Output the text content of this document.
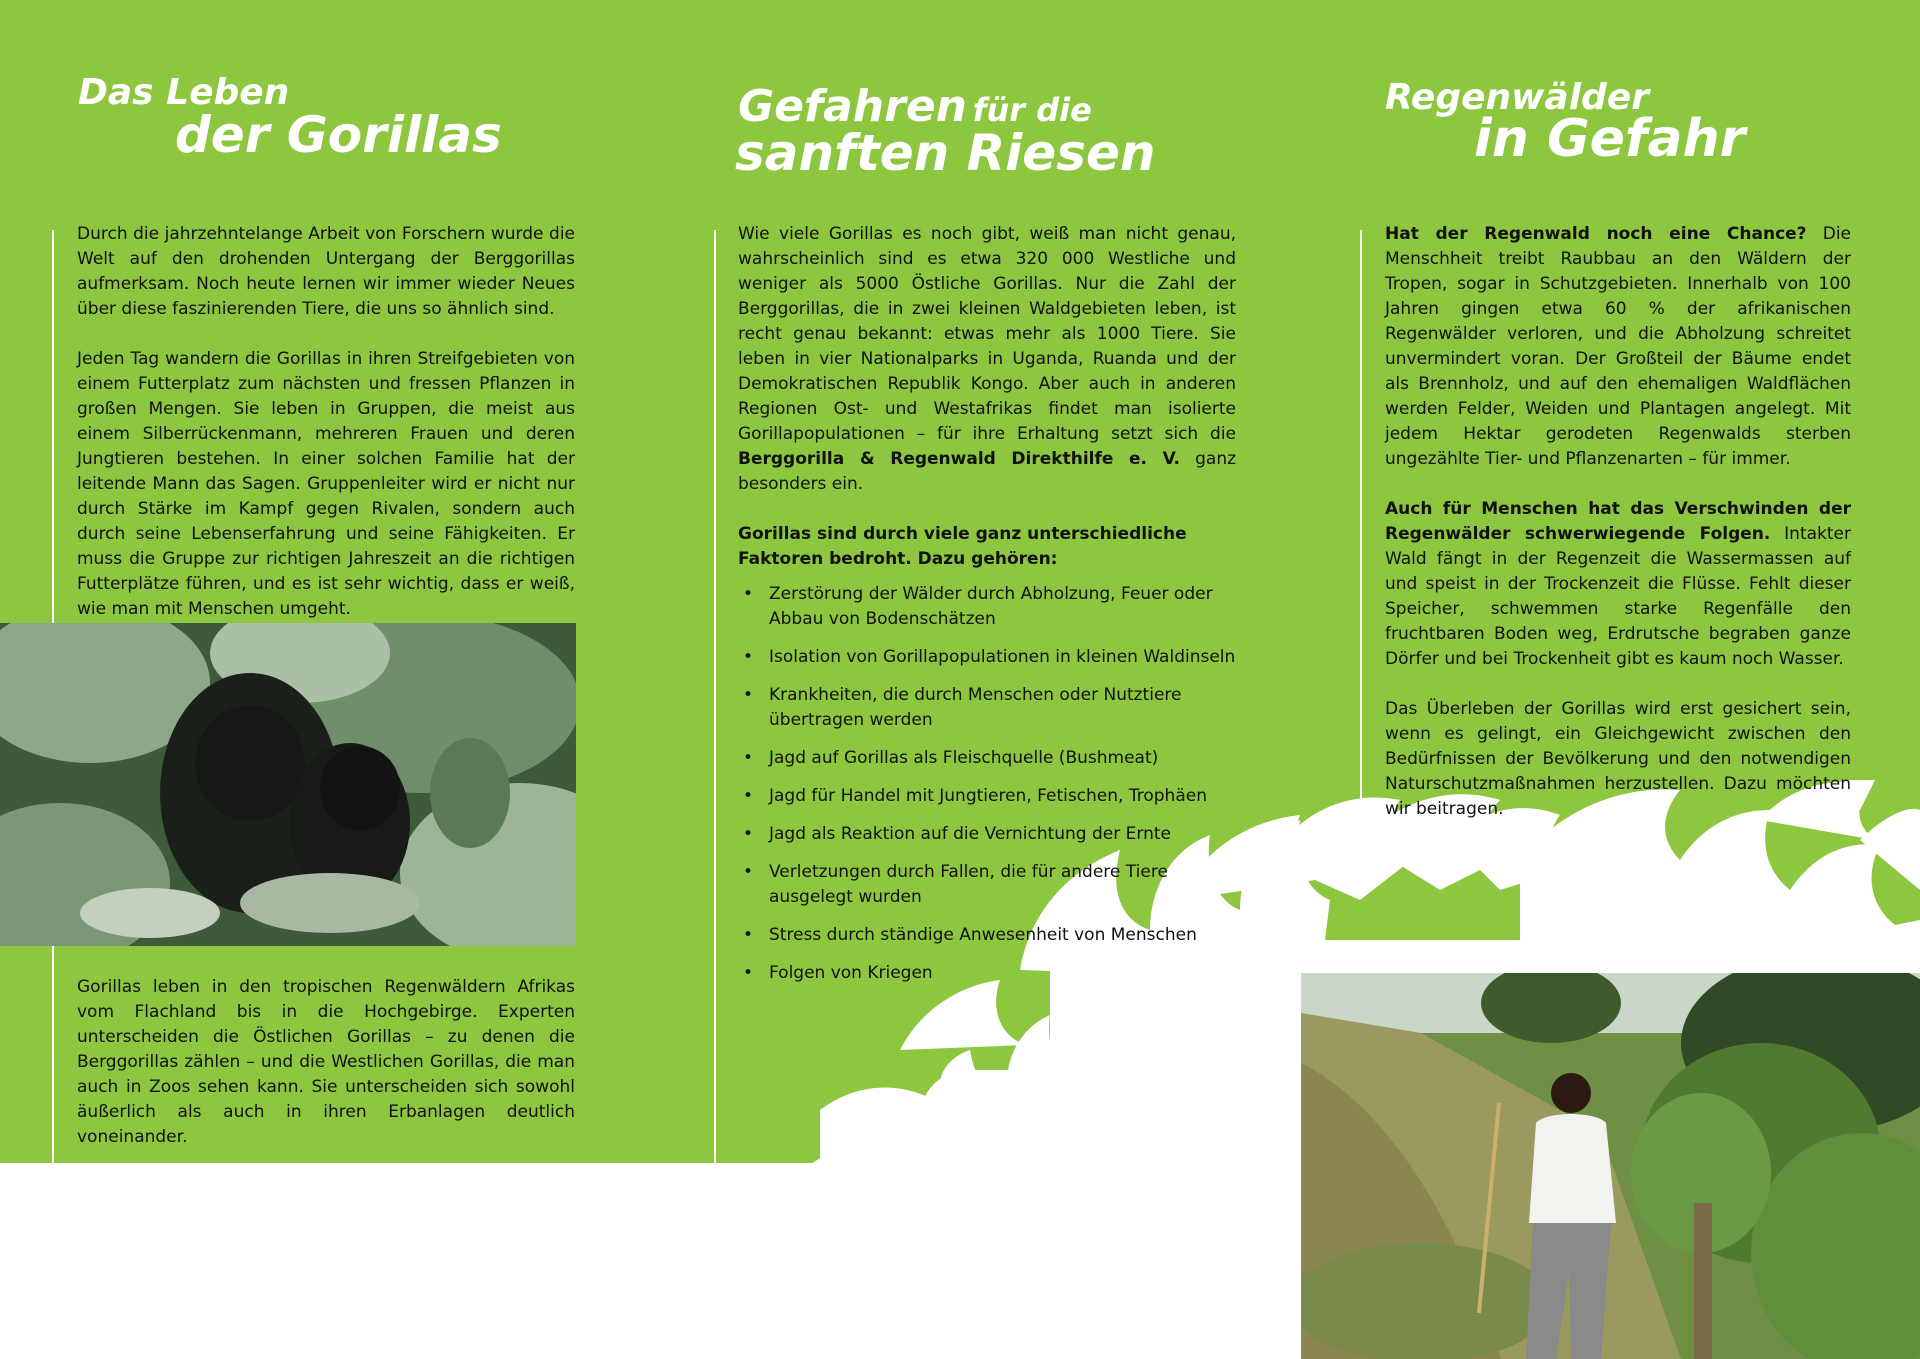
Das Leben
der Gorillas

Durch die jahrzehntelange Arbeit von Forschern wurde die Welt auf den drohenden Untergang der Berggorillas aufmerksam. Noch heute lernen wir immer wieder Neues über diese faszinierenden Tiere, die uns so ähnlich sind.

Jeden Tag wandern die Gorillas in ihren Streifgebieten von einem Futterplatz zum nächsten und fressen Pflanzen in großen Mengen. Sie leben in Gruppen, die meist aus einem Silberrückenmann, mehreren Frauen und deren Jungtieren bestehen. In einer solchen Familie hat der leitende Mann das Sagen. Gruppenleiter wird er nicht nur durch Stärke im Kampf gegen Rivalen, sondern auch durch seine Lebenserfahrung und seine Fähigkeiten. Er muss die Gruppe zur richtigen Jahreszeit an die richtigen Futterplätze führen, und es ist sehr wichtig, dass er weiß, wie man mit Menschen umgeht.

Gorillas leben in den tropischen Regenwäldern Afrikas vom Flachland bis in die Hochgebirge. Experten unterscheiden die Östlichen Gorillas – zu denen die Berggorillas zählen – und die Westlichen Gorillas, die man auch in Zoos sehen kann. Sie unterscheiden sich sowohl äußerlich als auch in ihren Erbanlagen deutlich voneinander.

Gefahren für die
sanften Riesen

Wie viele Gorillas es noch gibt, weiß man nicht genau, wahrscheinlich sind es etwa 320 000 Westliche und weniger als 5000 Östliche Gorillas. Nur die Zahl der Berggorillas, die in zwei kleinen Waldgebieten leben, ist recht genau bekannt: etwas mehr als 1000 Tiere. Sie leben in vier Nationalparks in Uganda, Ruanda und der Demokratischen Republik Kongo. Aber auch in anderen Regionen Ost- und Westafrikas findet man isolierte Gorillapopulationen – für ihre Erhaltung setzt sich die Berggorilla & Regenwald Direkthilfe e. V. ganz besonders ein.

Gorillas sind durch viele ganz unterschiedliche Faktoren bedroht. Dazu gehören:

• Zerstörung der Wälder durch Abholzung, Feuer oder Abbau von Bodenschätzen
• Isolation von Gorillapopulationen in kleinen Waldinseln
• Krankheiten, die durch Menschen oder Nutztiere übertragen werden
• Jagd auf Gorillas als Fleischquelle (Bushmeat)
• Jagd für Handel mit Jungtieren, Fetischen, Trophäen
• Jagd als Reaktion auf die Vernichtung der Ernte
• Verletzungen durch Fallen, die für andere Tiere ausgelegt wurden
• Stress durch ständige Anwesenheit von Menschen
• Folgen von Kriegen
Regenwälder
in Gefahr

Hat der Regenwald noch eine Chance? Die Menschheit treibt Raubbau an den Wäldern der Tropen, sogar in Schutzgebieten. Innerhalb von 100 Jahren gingen etwa 60 % der afrikanischen Regenwälder verloren, und die Abholzung schreitet unvermindert voran. Der Großteil der Bäume endet als Brennholz, und auf den ehemaligen Waldflächen werden Felder, Weiden und Plantagen angelegt. Mit jedem Hektar gerodeten Regenwalds sterben ungezählte Tier- und Pflanzenarten – für immer.

Auch für Menschen hat das Verschwinden der Regenwälder schwerwiegende Folgen. Intakter Wald fängt in der Regenzeit die Wassermassen auf und speist in der Trockenzeit die Flüsse. Fehlt dieser Speicher, schwemmen starke Regenfälle den fruchtbaren Boden weg, Erdrutsche begraben ganze Dörfer und bei Trockenheit gibt es kaum noch Wasser.

Das Überleben der Gorillas wird erst gesichert sein, wenn es gelingt, ein Gleichgewicht zwischen den Bedürfnissen der Bevölkerung und den notwendigen Naturschutzmaßnahmen herzustellen. Dazu möchten wir beitragen.
